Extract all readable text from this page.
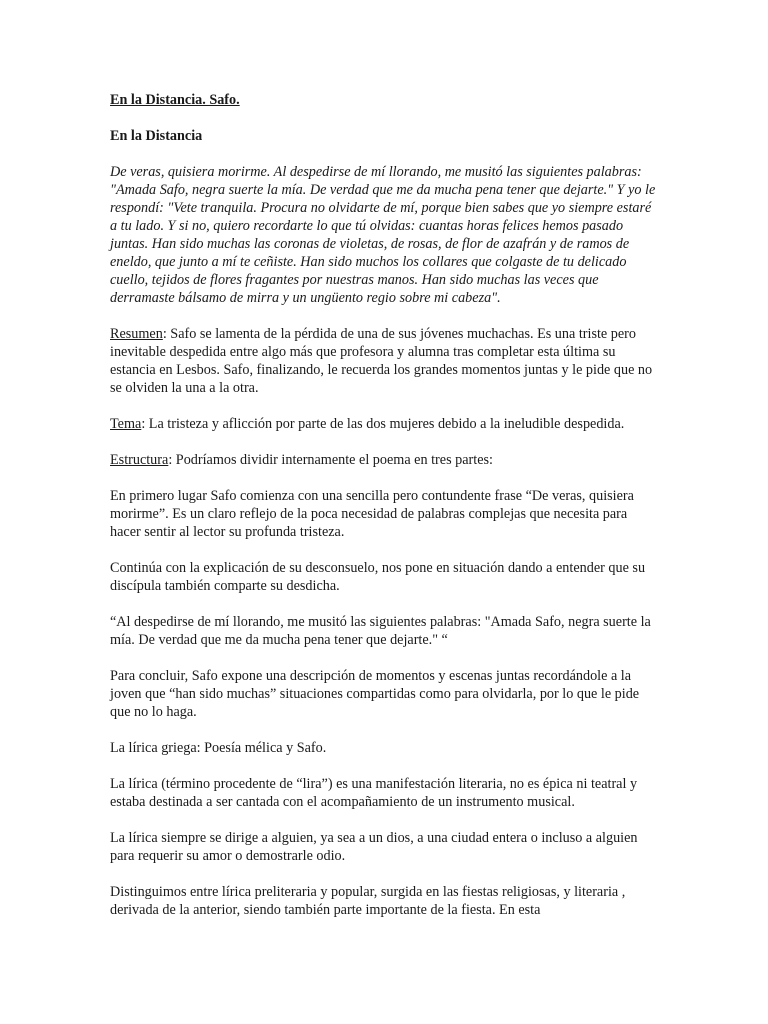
En la Distancia. Safo.

En la Distancia

De veras, quisiera morirme. Al despedirse de mí llorando, me musitó las siguientes palabras: "Amada Safo, negra suerte la mía. De verdad que me da mucha pena tener que dejarte." Y yo le respondí: "Vete tranquila. Procura no olvidarte de mí, porque bien sabes que yo siempre estaré a tu lado. Y si no, quiero recordarte lo que tú olvidas: cuantas horas felices hemos pasado juntas. Han sido muchas las coronas de violetas, de rosas, de flor de azafrán y de ramos de eneldo, que junto a mí te ceñiste. Han sido muchos los collares que colgaste de tu delicado cuello, tejidos de flores fragantes por nuestras manos. Han sido muchas las veces que derramaste bálsamo de mirra y un ungüento regio sobre mi cabeza".

Resumen: Safo se lamenta de la pérdida de una de sus jóvenes muchachas. Es una triste pero inevitable despedida entre algo más que profesora y alumna tras completar esta última su estancia en Lesbos. Safo, finalizando, le recuerda los grandes momentos juntas y le pide que no se olviden la una a la otra.

Tema: La tristeza y aflicción por parte de las dos mujeres debido a la ineludible despedida.

Estructura: Podríamos dividir internamente el poema en tres partes:

En primero lugar Safo comienza con una sencilla pero contundente frase “De veras, quisiera morirme”. Es un claro reflejo de la poca necesidad de palabras complejas que necesita para hacer sentir al lector su profunda tristeza.

Continúa con la explicación de su desconsuelo, nos pone en situación dando a entender que su discípula también comparte su desdicha.

“Al despedirse de mí llorando, me musitó las siguientes palabras: "Amada Safo, negra suerte la mía. De verdad que me da mucha pena tener que dejarte." “

Para concluir, Safo expone una descripción de momentos y escenas juntas recordándole a la joven que “han sido muchas” situaciones compartidas como para olvidarla, por lo que le pide que no lo haga.

La lírica griega: Poesía mélica y Safo.

La lírica (término procedente de “lira”) es una manifestación literaria, no es épica ni teatral y estaba destinada a ser cantada con el acompañamiento de un instrumento musical.

La lírica siempre se dirige a alguien, ya sea a un dios, a una ciudad entera o incluso a alguien para requerir su amor o demostrarle odio.

Distinguimos entre lírica preliteraria y popular, surgida en las fiestas religiosas, y literaria , derivada de la anterior, siendo también parte importante de la fiesta. En esta
